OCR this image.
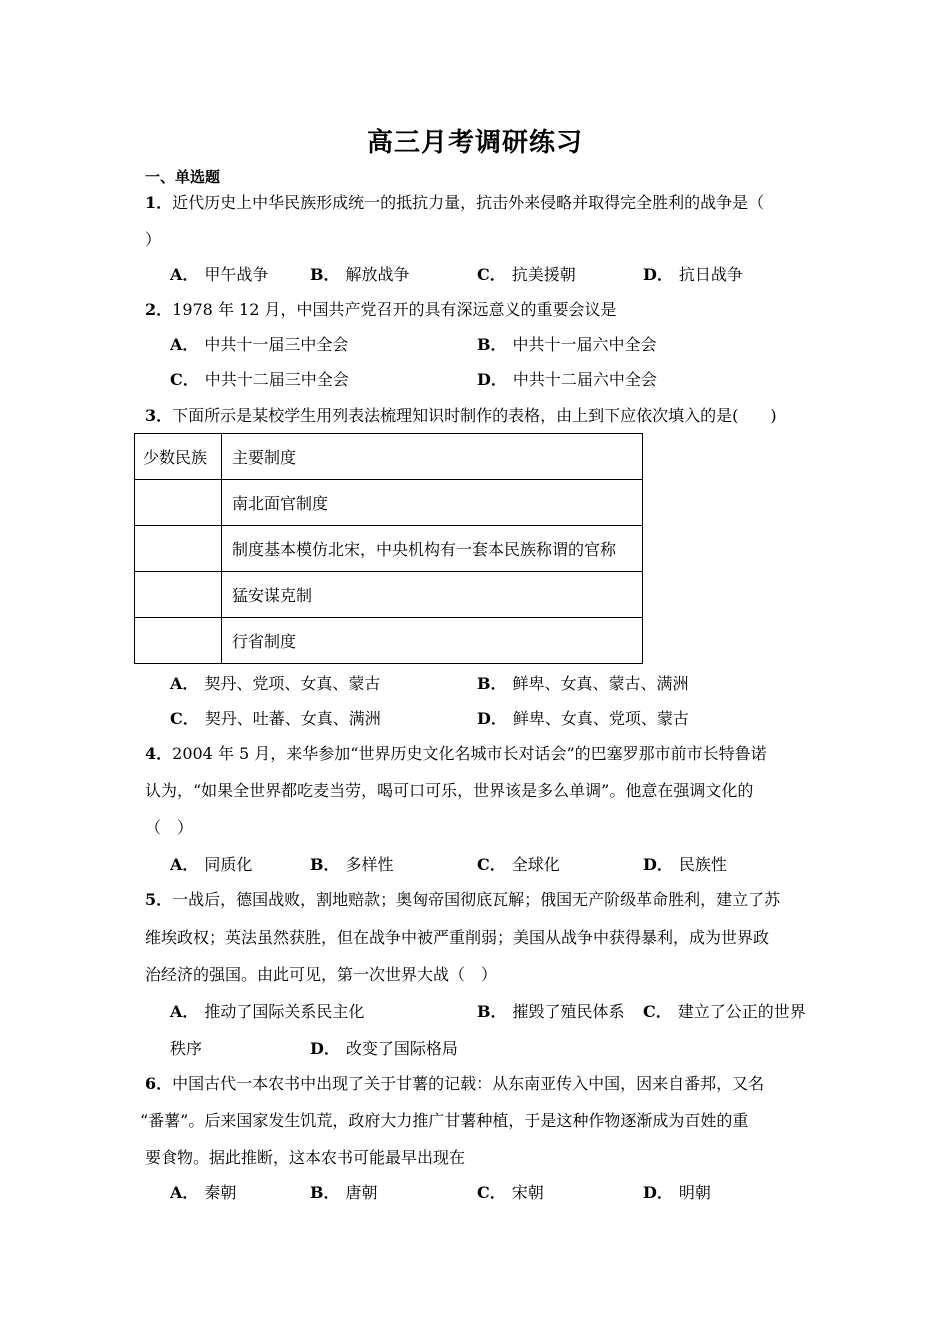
高三月考调研练习
一、单选题
1．近代历史上中华民族形成统一的抵抗力量，抗击外来侵略并取得完全胜利的战争是（
）
A． 甲午战争	B． 解放战争	C． 抗美援朝	D． 抗日战争
2．1978 年 12 月，中国共产党召开的具有深远意义的重要会议是
A． 中共十一届三中全会	B． 中共十一届六中全会
C． 中共十二届三中全会	D． 中共十二届六中全会
3．下面所示是某校学生用列表法梳理知识时制作的表格，由上到下应依次填入的是(　　)
少数民族	主要制度
	南北面官制度
	制度基本模仿北宋，中央机构有一套本民族称谓的官称
	猛安谋克制
	行省制度
A． 契丹、党项、女真、蒙古	B． 鲜卑、女真、蒙古、满洲
C． 契丹、吐蕃、女真、满洲	D． 鲜卑、女真、党项、蒙古
4．2004 年 5 月，来华参加“世界历史文化名城市长对话会”的巴塞罗那市前市长特鲁诺
认为，“如果全世界都吃麦当劳，喝可口可乐，世界该是多么单调”。他意在强调文化的
（　）
A． 同质化	B． 多样性	C． 全球化	D． 民族性
5．一战后，德国战败，割地赔款；奥匈帝国彻底瓦解；俄国无产阶级革命胜利，建立了苏
维埃政权；英法虽然获胜，但在战争中被严重削弱；美国从战争中获得暴利，成为世界政
治经济的强国。由此可见，第一次世界大战（　）
A． 推动了国际关系民主化	B． 摧毁了殖民体系 C． 建立了公正的世界
秩序	D． 改变了国际格局
6．中国古代一本农书中出现了关于甘薯的记载：从东南亚传入中国，因来自番邦，又名
“番薯”。后来国家发生饥荒，政府大力推广甘薯种植，于是这种作物逐渐成为百姓的重
要食物。据此推断，这本农书可能最早出现在
A． 秦朝	B． 唐朝	C． 宋朝	D． 明朝
